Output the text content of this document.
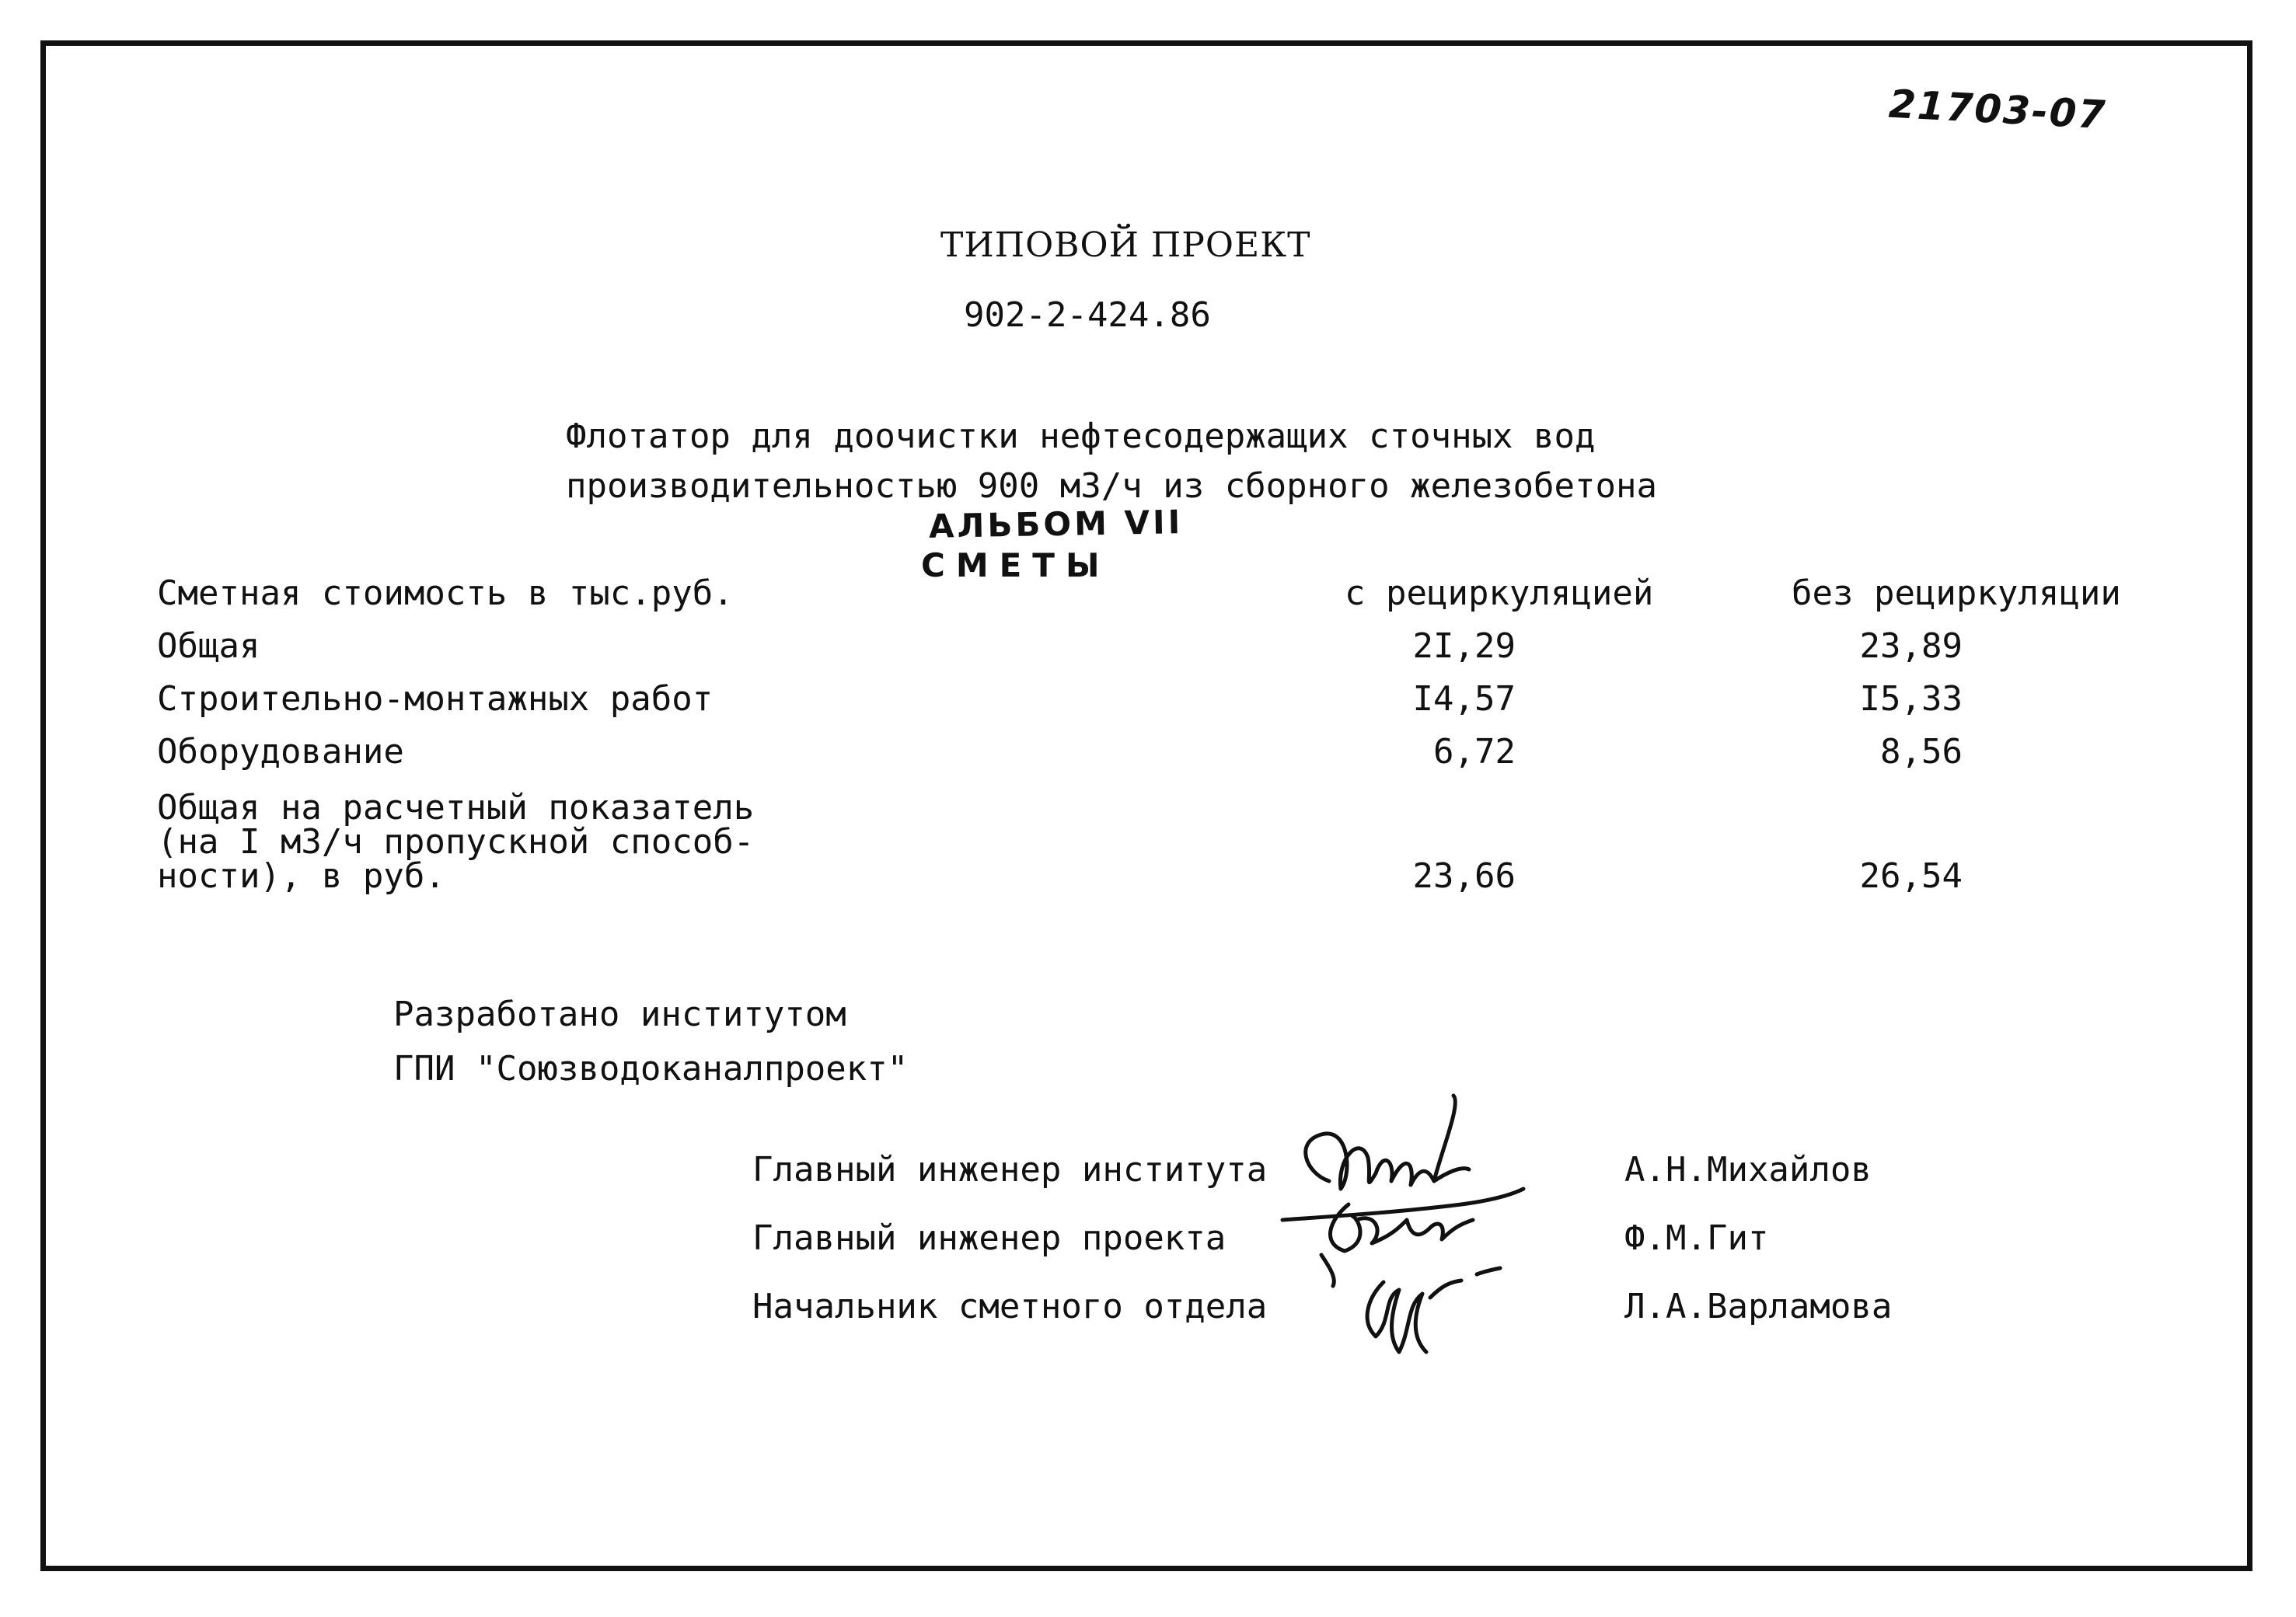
21703-07
ТИПОВОЙ ПРОЕКТ
902-2-424.86
Флотатор для доочистки нефтесодержащих сточных вод
производительностью 900 м3/ч из сборного железобетона
АЛЬБОМ VII
СМЕТЫ
Сметная стоимость в тыс.руб.	с рециркуляцией	без рециркуляции
Общая	2I,29	23,89
Строительно-монтажных работ	I4,57	I5,33
Оборудование	6,72	8,56
Общая на расчетный показатель
(на I м3/ч пропускной способ-
ности), в руб.	23,66	26,54
Разработано институтом
ГПИ "Союзводоканалпроект"
Главный инженер института	А.Н.Михайлов
Главный инженер проекта	Ф.М.Гит
Начальник сметного отдела	Л.А.Варламова
